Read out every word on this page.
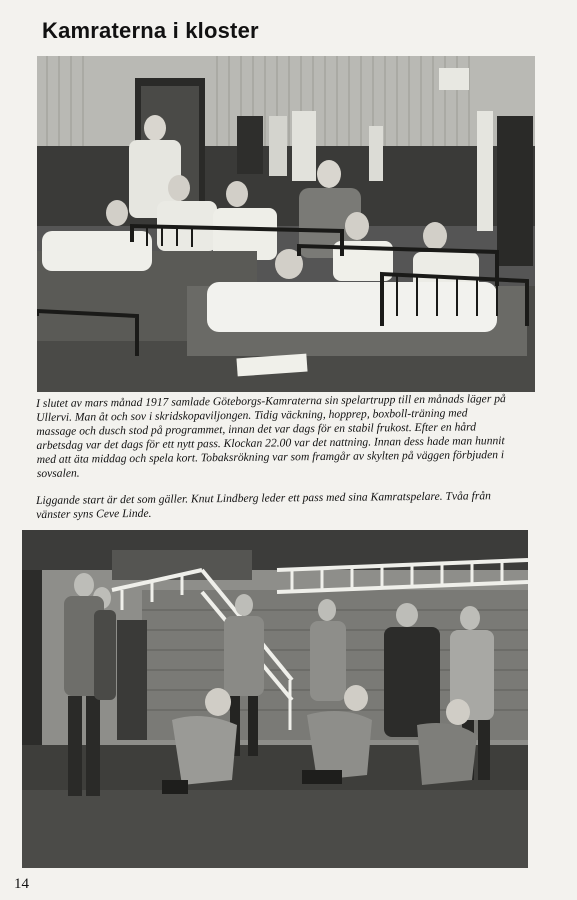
Kamraterna i kloster
I slutet av mars månad 1917 samlade Göteborgs-Kamraterna sin spelartrupp till en månads läger på Ullervi. Man åt och sov i skridskopaviljongen. Tidig väckning, hopprep, boxboll-träning med massage och dusch stod på programmet, innan det var dags för en stabil frukost. Efter en hård arbetsdag var det dags för ett nytt pass. Klockan 22.00 var det nattning. Innan dess hade man hunnit med att äta middag och spela kort. Tobaksrökning var som framgår av skylten på väggen förbjuden i sovsalen.
Liggande start är det som gäller. Knut Lindberg leder ett pass med sina Kamratspelare. Tvåa från vänster syns Ceve Linde.
14
